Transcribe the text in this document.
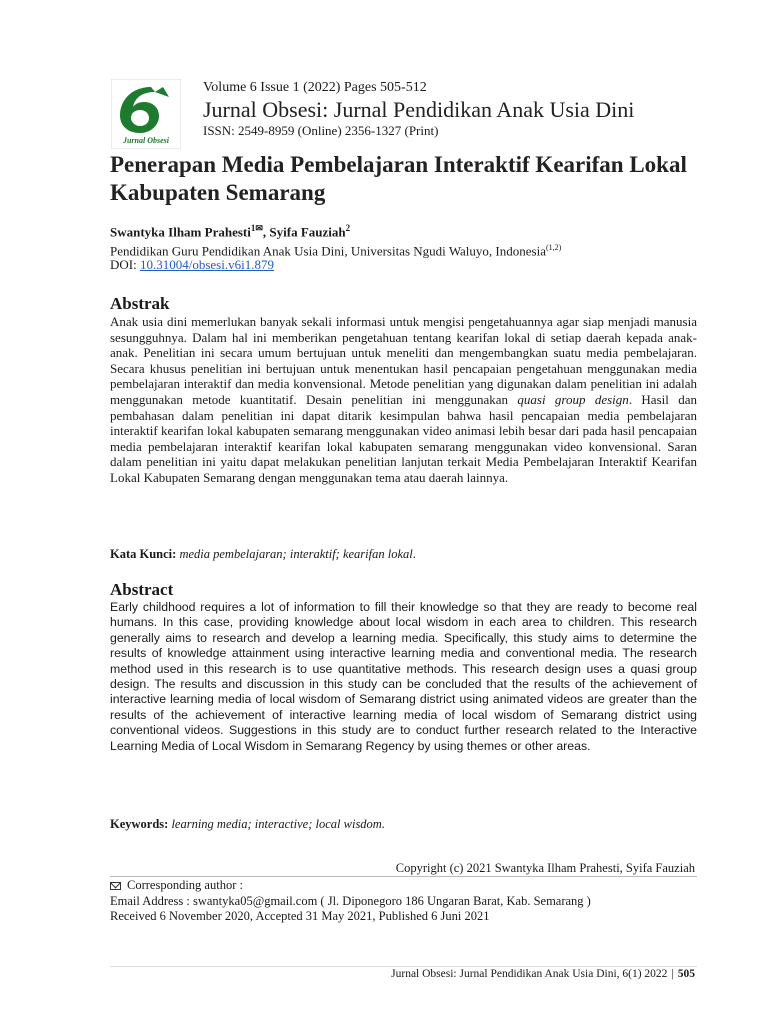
Jurnal Obsesi
Volume 6 Issue 1 (2022) Pages 505-512
Jurnal Obsesi: Jurnal Pendidikan Anak Usia Dini
ISSN: 2549-8959 (Online) 2356-1327 (Print)
Penerapan Media Pembelajaran Interaktif Kearifan Lokal Kabupaten Semarang
Swantyka Ilham Prahesti$^{1✉}$, Syifa Fauziah$^2$
Pendidikan Guru Pendidikan Anak Usia Dini, Universitas Ngudi Waluyo, Indonesia$^{(1,2)}$
DOI: 10.31004/obsesi.v6i1.879
Abstrak

Anak usia dini memerlukan banyak sekali informasi untuk mengisi pengetahuannya agar siap menjadi manusia sesungguhnya. Dalam hal ini memberikan pengetahuan tentang kearifan lokal di setiap daerah kepada anak-anak. Penelitian ini secara umum bertujuan untuk meneliti dan mengembangkan suatu media pembelajaran. Secara khusus penelitian ini bertujuan untuk menentukan hasil pencapaian pengetahuan menggunakan media pembelajaran interaktif dan media konvensional. Metode penelitian yang digunakan dalam penelitian ini adalah menggunakan metode kuantitatif. Desain penelitian ini menggunakan quasi group design. Hasil dan pembahasan dalam penelitian ini dapat ditarik kesimpulan bahwa hasil pencapaian media pembelajaran interaktif kearifan lokal kabupaten semarang menggunakan video animasi lebih besar dari pada hasil pencapaian media pembelajaran interaktif kearifan lokal kabupaten semarang menggunakan video konvensional. Saran dalam penelitian ini yaitu dapat melakukan penelitian lanjutan terkait Media Pembelajaran Interaktif Kearifan Lokal Kabupaten Semarang dengan menggunakan tema atau daerah lainnya.

Kata Kunci: media pembelajaran; interaktif; kearifan lokal.
Abstract

Early childhood requires a lot of information to fill their knowledge so that they are ready to become real humans. In this case, providing knowledge about local wisdom in each area to children. This research generally aims to research and develop a learning media. Specifically, this study aims to determine the results of knowledge attainment using interactive learning media and conventional media. The research method used in this research is to use quantitative methods. This research design uses a quasi group design. The results and discussion in this study can be concluded that the results of the achievement of interactive learning media of local wisdom of Semarang district using animated videos are greater than the results of the achievement of interactive learning media of local wisdom of Semarang district using conventional videos. Suggestions in this study are to conduct further research related to the Interactive Learning Media of Local Wisdom in Semarang Regency by using themes or other areas.

Keywords: learning media; interactive; local wisdom.
Copyright (c) 2021 Swantyka Ilham Prahesti, Syifa Fauziah
Corresponding author :
Email Address : swantyka05@gmail.com ( Jl. Diponegoro 186 Ungaran Barat, Kab. Semarang )
Received 6 November 2020, Accepted 31 May 2021, Published 6 Juni 2021
Jurnal Obsesi: Jurnal Pendidikan Anak Usia Dini, 6(1) 2022 | 505
